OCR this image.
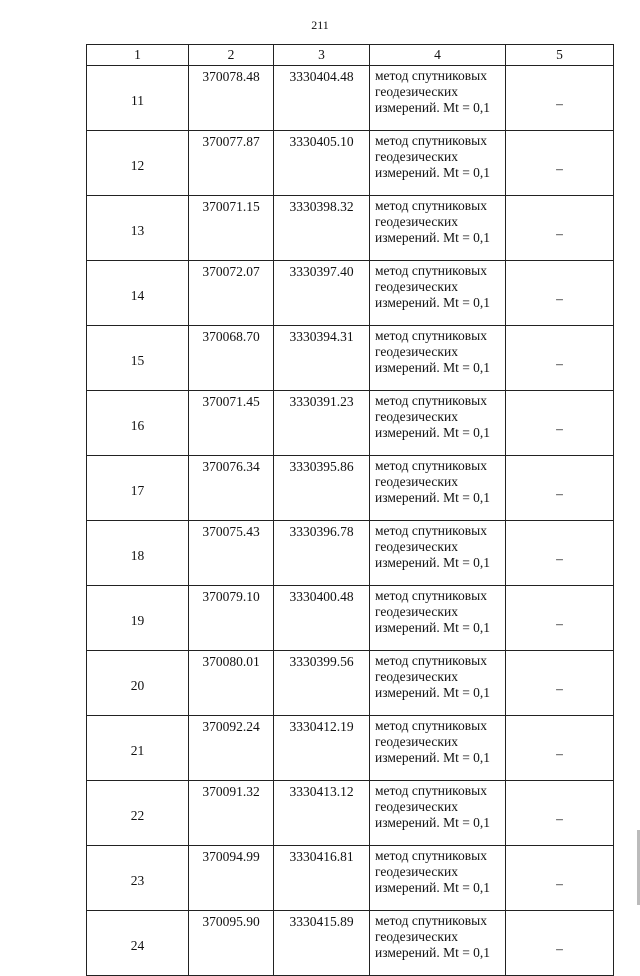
211
1	2	3	4	5
11	370078.48	3330404.48	метод спутниковых геодезических измерений. Mt = 0,1	–
12	370077.87	3330405.10	метод спутниковых геодезических измерений. Mt = 0,1	–
13	370071.15	3330398.32	метод спутниковых геодезических измерений. Mt = 0,1	–
14	370072.07	3330397.40	метод спутниковых геодезических измерений. Mt = 0,1	–
15	370068.70	3330394.31	метод спутниковых геодезических измерений. Mt = 0,1	–
16	370071.45	3330391.23	метод спутниковых геодезических измерений. Mt = 0,1	–
17	370076.34	3330395.86	метод спутниковых геодезических измерений. Mt = 0,1	–
18	370075.43	3330396.78	метод спутниковых геодезических измерений. Mt = 0,1	–
19	370079.10	3330400.48	метод спутниковых геодезических измерений. Mt = 0,1	–
20	370080.01	3330399.56	метод спутниковых геодезических измерений. Mt = 0,1	–
21	370092.24	3330412.19	метод спутниковых геодезических измерений. Mt = 0,1	–
22	370091.32	3330413.12	метод спутниковых геодезических измерений. Mt = 0,1	–
23	370094.99	3330416.81	метод спутниковых геодезических измерений. Mt = 0,1	–
24	370095.90	3330415.89	метод спутниковых геодезических измерений. Mt = 0,1	–
